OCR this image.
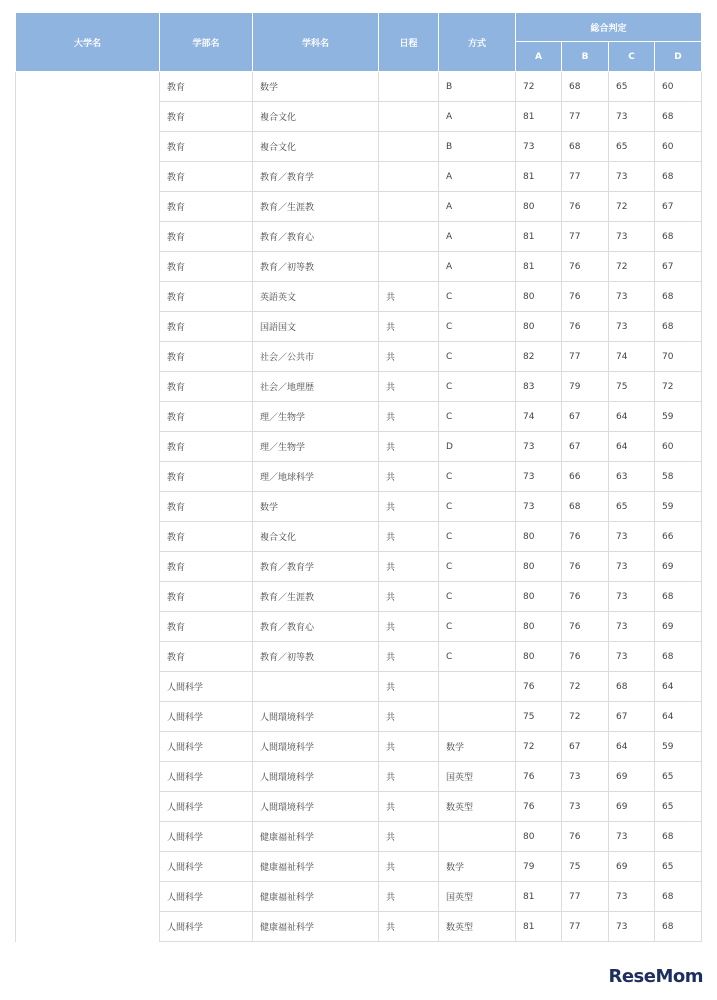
大学名	学部名	学科名	日程	方式	総合判定			
					A	B	C	D
	教育	数学		B	72	68	65	60
	教育	複合文化		A	81	77	73	68
	教育	複合文化		B	73	68	65	60
	教育	教育／教育学		A	81	77	73	68
	教育	教育／生涯教		A	80	76	72	67
	教育	教育／教育心		A	81	77	73	68
	教育	教育／初等教		A	81	76	72	67
	教育	英語英文	共	C	80	76	73	68
	教育	国語国文	共	C	80	76	73	68
	教育	社会／公共市	共	C	82	77	74	70
	教育	社会／地理歴	共	C	83	79	75	72
	教育	理／生物学	共	C	74	67	64	59
	教育	理／生物学	共	D	73	67	64	60
	教育	理／地球科学	共	C	73	66	63	58
	教育	数学	共	C	73	68	65	59
	教育	複合文化	共	C	80	76	73	66
	教育	教育／教育学	共	C	80	76	73	69
	教育	教育／生涯教	共	C	80	76	73	68
	教育	教育／教育心	共	C	80	76	73	69
	教育	教育／初等教	共	C	80	76	73	68
	人間科学		共		76	72	68	64
	人間科学	人間環境科学	共		75	72	67	64
	人間科学	人間環境科学	共	数学	72	67	64	59
	人間科学	人間環境科学	共	国英型	76	73	69	65
	人間科学	人間環境科学	共	数英型	76	73	69	65
	人間科学	健康福祉科学	共		80	76	73	68
	人間科学	健康福祉科学	共	数学	79	75	69	65
	人間科学	健康福祉科学	共	国英型	81	77	73	68
	人間科学	健康福祉科学	共	数英型	81	77	73	68
ReseMom
